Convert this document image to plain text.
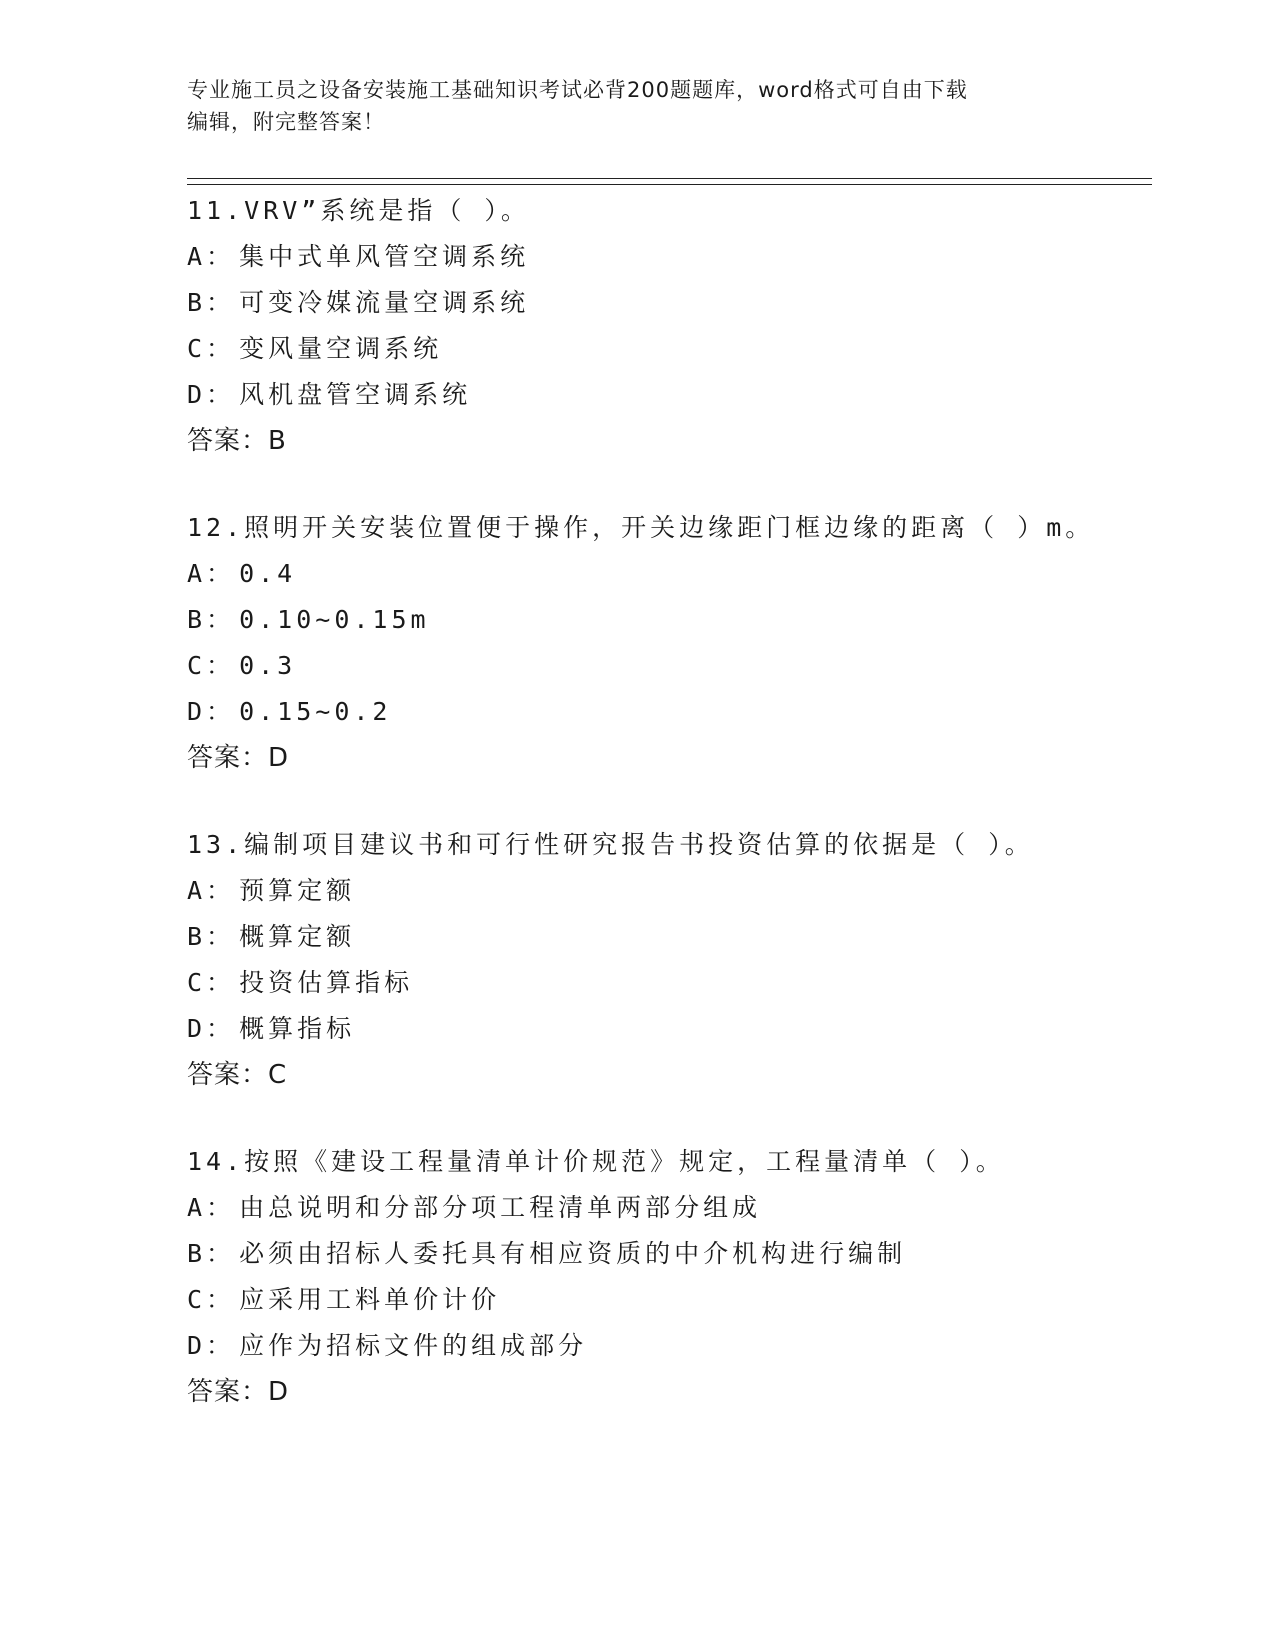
专业施工员之设备安装施工基础知识考试必背200题题库，word格式可自由下载
编辑，附完整答案！
11.VRV”系统是指（ ）。
A： 集中式单风管空调系统
B： 可变冷媒流量空调系统
C： 变风量空调系统
D： 风机盘管空调系统
答案：B
12.照明开关安装位置便于操作，开关边缘距门框边缘的距离（ ）m。
A： 0.4
B： 0.10~0.15m
C： 0.3
D： 0.15~0.2
答案：D
13.编制项目建议书和可行性研究报告书投资估算的依据是（ ）。
A： 预算定额
B： 概算定额
C： 投资估算指标
D： 概算指标
答案：C
14.按照《建设工程量清单计价规范》规定，工程量清单（ ）。
A： 由总说明和分部分项工程清单两部分组成
B： 必须由招标人委托具有相应资质的中介机构进行编制
C： 应采用工料单价计价
D： 应作为招标文件的组成部分
答案：D
